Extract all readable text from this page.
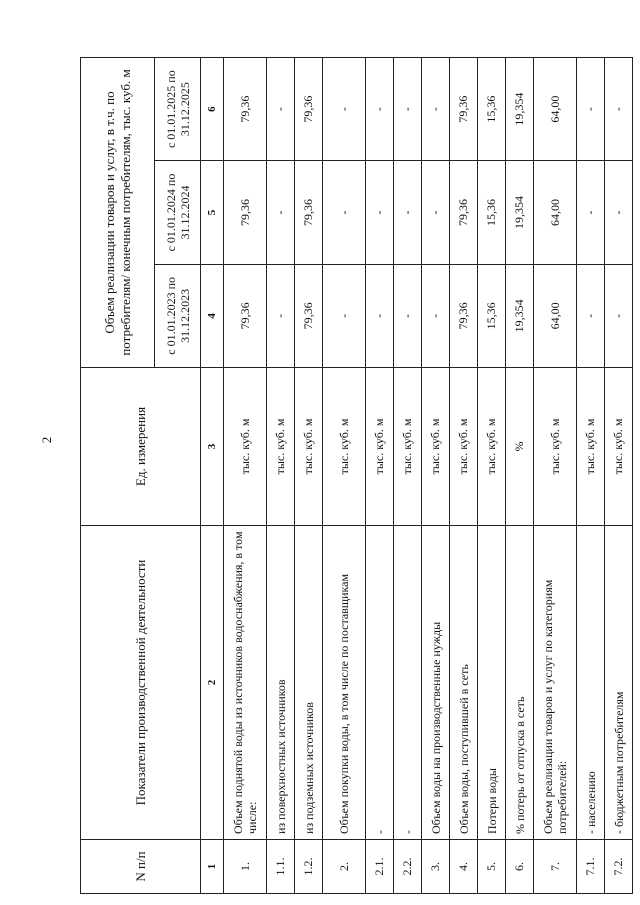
2
N п/п	Показатели производственной деятельности	Ед. измерения	Объем реализации товаров и услуг, в т.ч. по потребителям/ конечным потребителям, тыс. куб. м		
			с 01.01.2023 по 31.12.2023	с 01.01.2024 по 31.12.2024	с 01.01.2025 по 31.12.2025
1	2	3	4	5	6
1.	Объем поднятой воды из источников водоснабжения, в том числе:	тыс. куб. м	79,36	79,36	79,36
1.1.	из поверхностных источников	тыс. куб. м	-	-	-
1.2.	из подземных источников	тыс. куб. м	79,36	79,36	79,36
2.	Объем покупки воды, в том числе по поставщикам	тыс. куб. м	-	-	-
2.1.	-	тыс. куб. м	-	-	-
2.2.	-	тыс. куб. м	-	-	-
3.	Объем воды на производственные нужды	тыс. куб. м	-	-	-
4.	Объем воды, поступившей в сеть	тыс. куб. м	79,36	79,36	79,36
5.	Потери воды	тыс. куб. м	15,36	15,36	15,36
6.	% потерь от отпуска в сеть	%	19,354	19,354	19,354
7.	Объем реализации товаров и услуг по категориям потребителей:	тыс. куб. м	64,00	64,00	64,00
7.1.	- населению	тыс. куб. м	-	-	-
7.2.	- бюджетным потребителям	тыс. куб. м	-	-	-
